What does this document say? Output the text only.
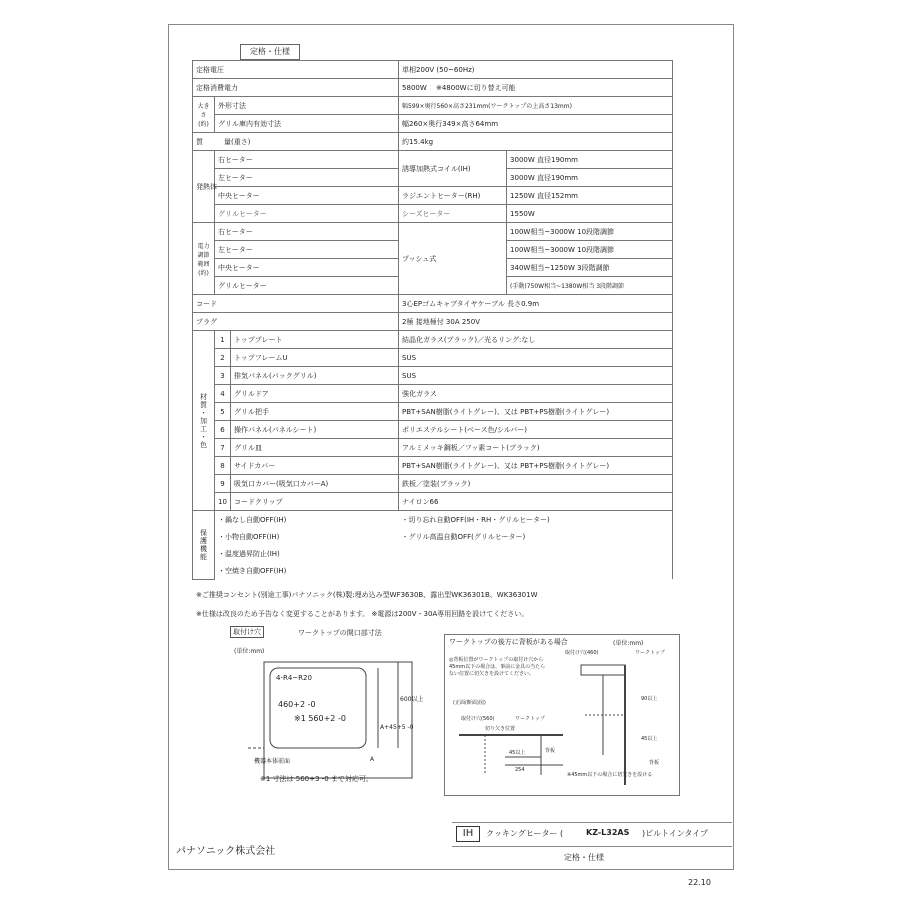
定格・仕様
定格電圧			単相200V (50~60Hz)	
定格消費電力			5800W 　※4800Wに切り替え可能	
大きさ(約)	外形寸法		幅599×奥行560×高さ231mm(ワークトップの上高さ13mm)	
	グリル庫内有効寸法		幅260×奥行349×高さ64mm	
質　　　量(重さ)			約15.4kg	
発熱体	右ヒーター		誘導加熱式コイル(IH)	3000W 直径190mm
	左ヒーター			3000W 直径190mm
	中央ヒーター		ラジエントヒーター(RH)	1250W 直径152mm
	グリルヒーター		シーズヒーター	1550W
電力調節範囲(約)	右ヒーター		プッシュ式	100W相当~3000W 10段階調節
	左ヒーター			100W相当~3000W 10段階調節
	中央ヒーター			340W相当~1250W 3段階調節
	グリルヒーター			(手動)750W相当~1380W相当 3段階調節
コード			3心EPゴムキャブタイヤケーブル 長さ0.9m	
プラグ			2極 接地極付 30A 250V	
材質・加工・色	1	トッププレート	結晶化ガラス(ブラック)／光るリング:なし	
	2	トップフレームU	SUS	
	3	排気パネル(バックグリル)	SUS	
	4	グリルドア	強化ガラス	
	5	グリル把手	PBT+SAN樹脂(ライトグレー)、又は PBT+PS樹脂(ライトグレー)	
	6	操作パネル(パネルシート)	ポリエステルシート(ベース色/シルバー)	
	7	グリル皿	アルミメッキ鋼板／フッ素コート(ブラック)	
	8	サイドカバー	PBT+SAN樹脂(ライトグレー)、又は PBT+PS樹脂(ライトグレー)	
	9	吸気口カバー(吸気口カバーA)	鉄板／塗装(ブラック)	
	10	コードクリップ	ナイロン66	
保護機能	・鍋なし自動OFF(IH)		・切り忘れ自動OFF(IH・RH・グリルヒーター)	
	・小物自動OFF(IH)		・グリル高温自動OFF(グリルヒーター)	
	・温度過昇防止(IH)			
	・空焼き自動OFF(IH)			
※ご推奨コンセント(別途工事)パナソニック(株)製:埋め込み型WF3630B、露出型WK36301B、WK36301W
※仕様は改良のため予告なく変更することがあります。 ※電源は200V・30A専用回路を設けてください。
取付け穴	ワークトップの開口部寸法
(単位:mm)
4-R4~R20
460+2 -0
※1 560+2 -0
A+45+5 -0
600以上
A
機器本体前面
※1 寸法は 560+3 -0 まで対応可。
ワークトップの後方に背板がある場合	(単位:mm)
◎背板位置がワークトップの取付け穴から45mm以下の場合は、事前に金具の当たらない位置に切欠きを設けてください。
(正面(断面)図)
取付け穴(460)	ワークトップ
取付け穴(560)
切り欠き位置
ワークトップ
45以上
254
背板
90以上
45以上
※45mm以下の場合に切欠きを設ける
背板
パナソニック株式会社
IH	クッキングヒーター (	KZ-L32AS )ビルトインタイプ
定格・仕様
22.10
